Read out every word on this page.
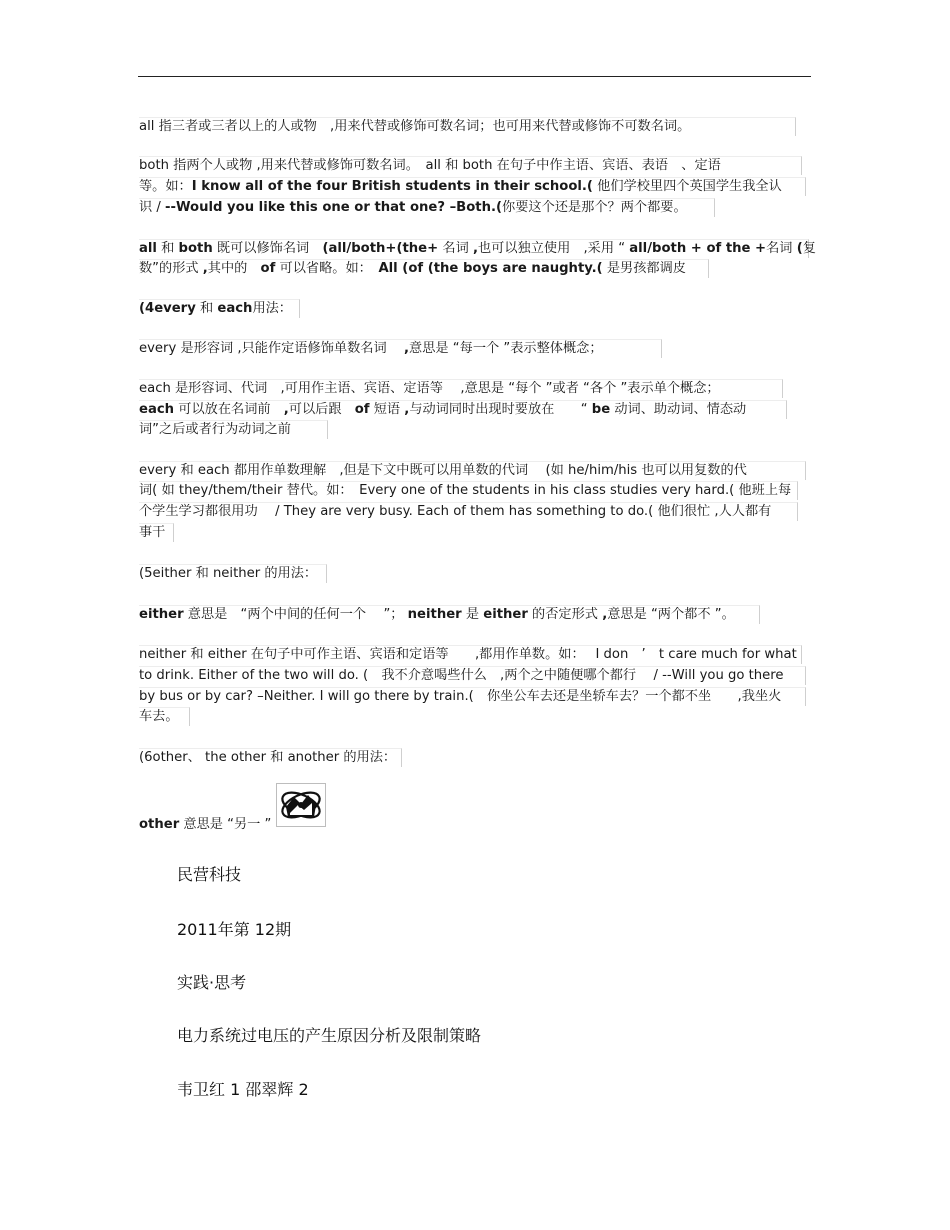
all 指三者或三者以上的人或物　,用来代替或修饰可数名词；也可用来代替或修饰不可数名词。
both 指两个人或物 ,用来代替或修饰可数名词。　all 和 both 在句子中作主语、宾语、表语　、定语
等。如：I know all of the four British students in their school.( 他们学校里四个英国学生我全认
识 / --Would you like this one or that one? –Both.(你要这个还是那个？两个都要。
all 和 both 既可以修饰名词　(all/both+(the+ 名词 ,也可以独立使用　,采用 “ all/both + of the +名词 (复
数”的形式 ,其中的　of 可以省略。如：　All (of (the boys are naughty.( 是男孩都调皮
(4every 和 each用法：
every 是形容词 ,只能作定语修饰单数名词　 ,意思是 “每一个 ”表示整体概念；
each 是形容词、代词　,可用作主语、宾语、定语等　 ,意思是 “每个 ”或者 “各个 ”表示单个概念；
each 可以放在名词前　,可以后跟　of 短语 ,与动词同时出现时要放在　　“ be 动词、助动词、情态动
词”之后或者行为动词之前
every 和 each 都用作单数理解　,但是下文中既可以用单数的代词　 (如 he/him/his 也可以用复数的代
词( 如 they/them/their 替代。如：　Every one of the students in his class studies very hard.( 他班上每
个学生学习都很用功　 / They are very busy. Each of them has something to do.( 他们很忙 ,人人都有
事干
(5either 和 neither 的用法：
either 意思是　“两个中间的任何一个　 ”； neither 是 either 的否定形式 ,意思是 “两个都不 ”。
neither 和 either 在句子中可作主语、宾语和定语等　　,都用作单数。如：　 I don　’　t care much for what
to drink. Either of the two will do. (　我不介意喝些什么　,两个之中随便哪个都行　 / --Will you go there
by bus or by car? –Neither. I will go there by train.(　你坐公车去还是坐轿车去？一个都不坐　　,我坐火
车去。
(6other、 the other 和 another 的用法：
other 意思是 “另一 ”
民营科技
2011年第 12期
实践·思考
电力系统过电压的产生原因分析及限制策略
韦卫红 1 邵翠辉 2
